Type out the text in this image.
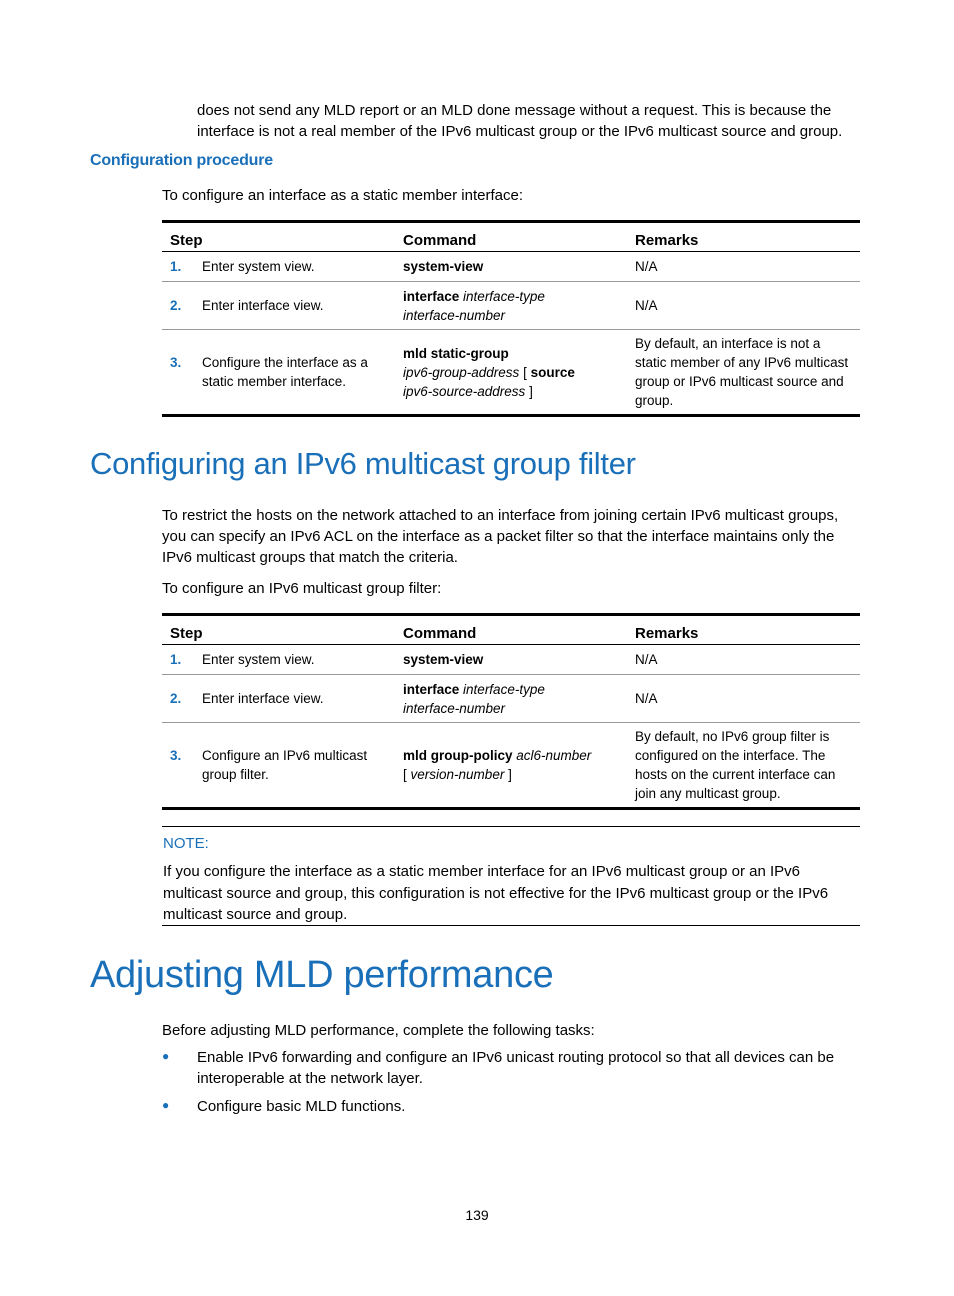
does not send any MLD report or an MLD done message without a request. This is because the interface is not a real member of the IPv6 multicast group or the IPv6 multicast source and group.

Configuration procedure

To configure an interface as a static member interface:

Step	Command	Remarks

1. Enter system view.	system-view	N/A

2. Enter interface view.	interface interface-type
interface-number	N/A

3. Configure the interface as a static member interface.	mld static-group
ipv6-group-address [ source
ipv6-source-address ]	By default, an interface is not a static member of any IPv6 multicast group or IPv6 multicast source and group.
Configuring an IPv6 multicast group filter

To restrict the hosts on the network attached to an interface from joining certain IPv6 multicast groups, you can specify an IPv6 ACL on the interface as a packet filter so that the interface maintains only the IPv6 multicast groups that match the criteria.

To configure an IPv6 multicast group filter:

Step	Command	Remarks

1. Enter system view.	system-view	N/A

2. Enter interface view.	interface interface-type
interface-number	N/A

3. Configure an IPv6 multicast group filter.	mld group-policy acl6-number
[ version-number ]	By default, no IPv6 group filter is configured on the interface. The hosts on the current interface can join any multicast group.
NOTE:
If you configure the interface as a static member interface for an IPv6 multicast group or an IPv6 multicast source and group, this configuration is not effective for the IPv6 multicast group or the IPv6 multicast source and group.
Adjusting MLD performance

Before adjusting MLD performance, complete the following tasks:

●	Enable IPv6 forwarding and configure an IPv6 unicast routing protocol so that all devices can be interoperable at the network layer.

●	Configure basic MLD functions.

139
